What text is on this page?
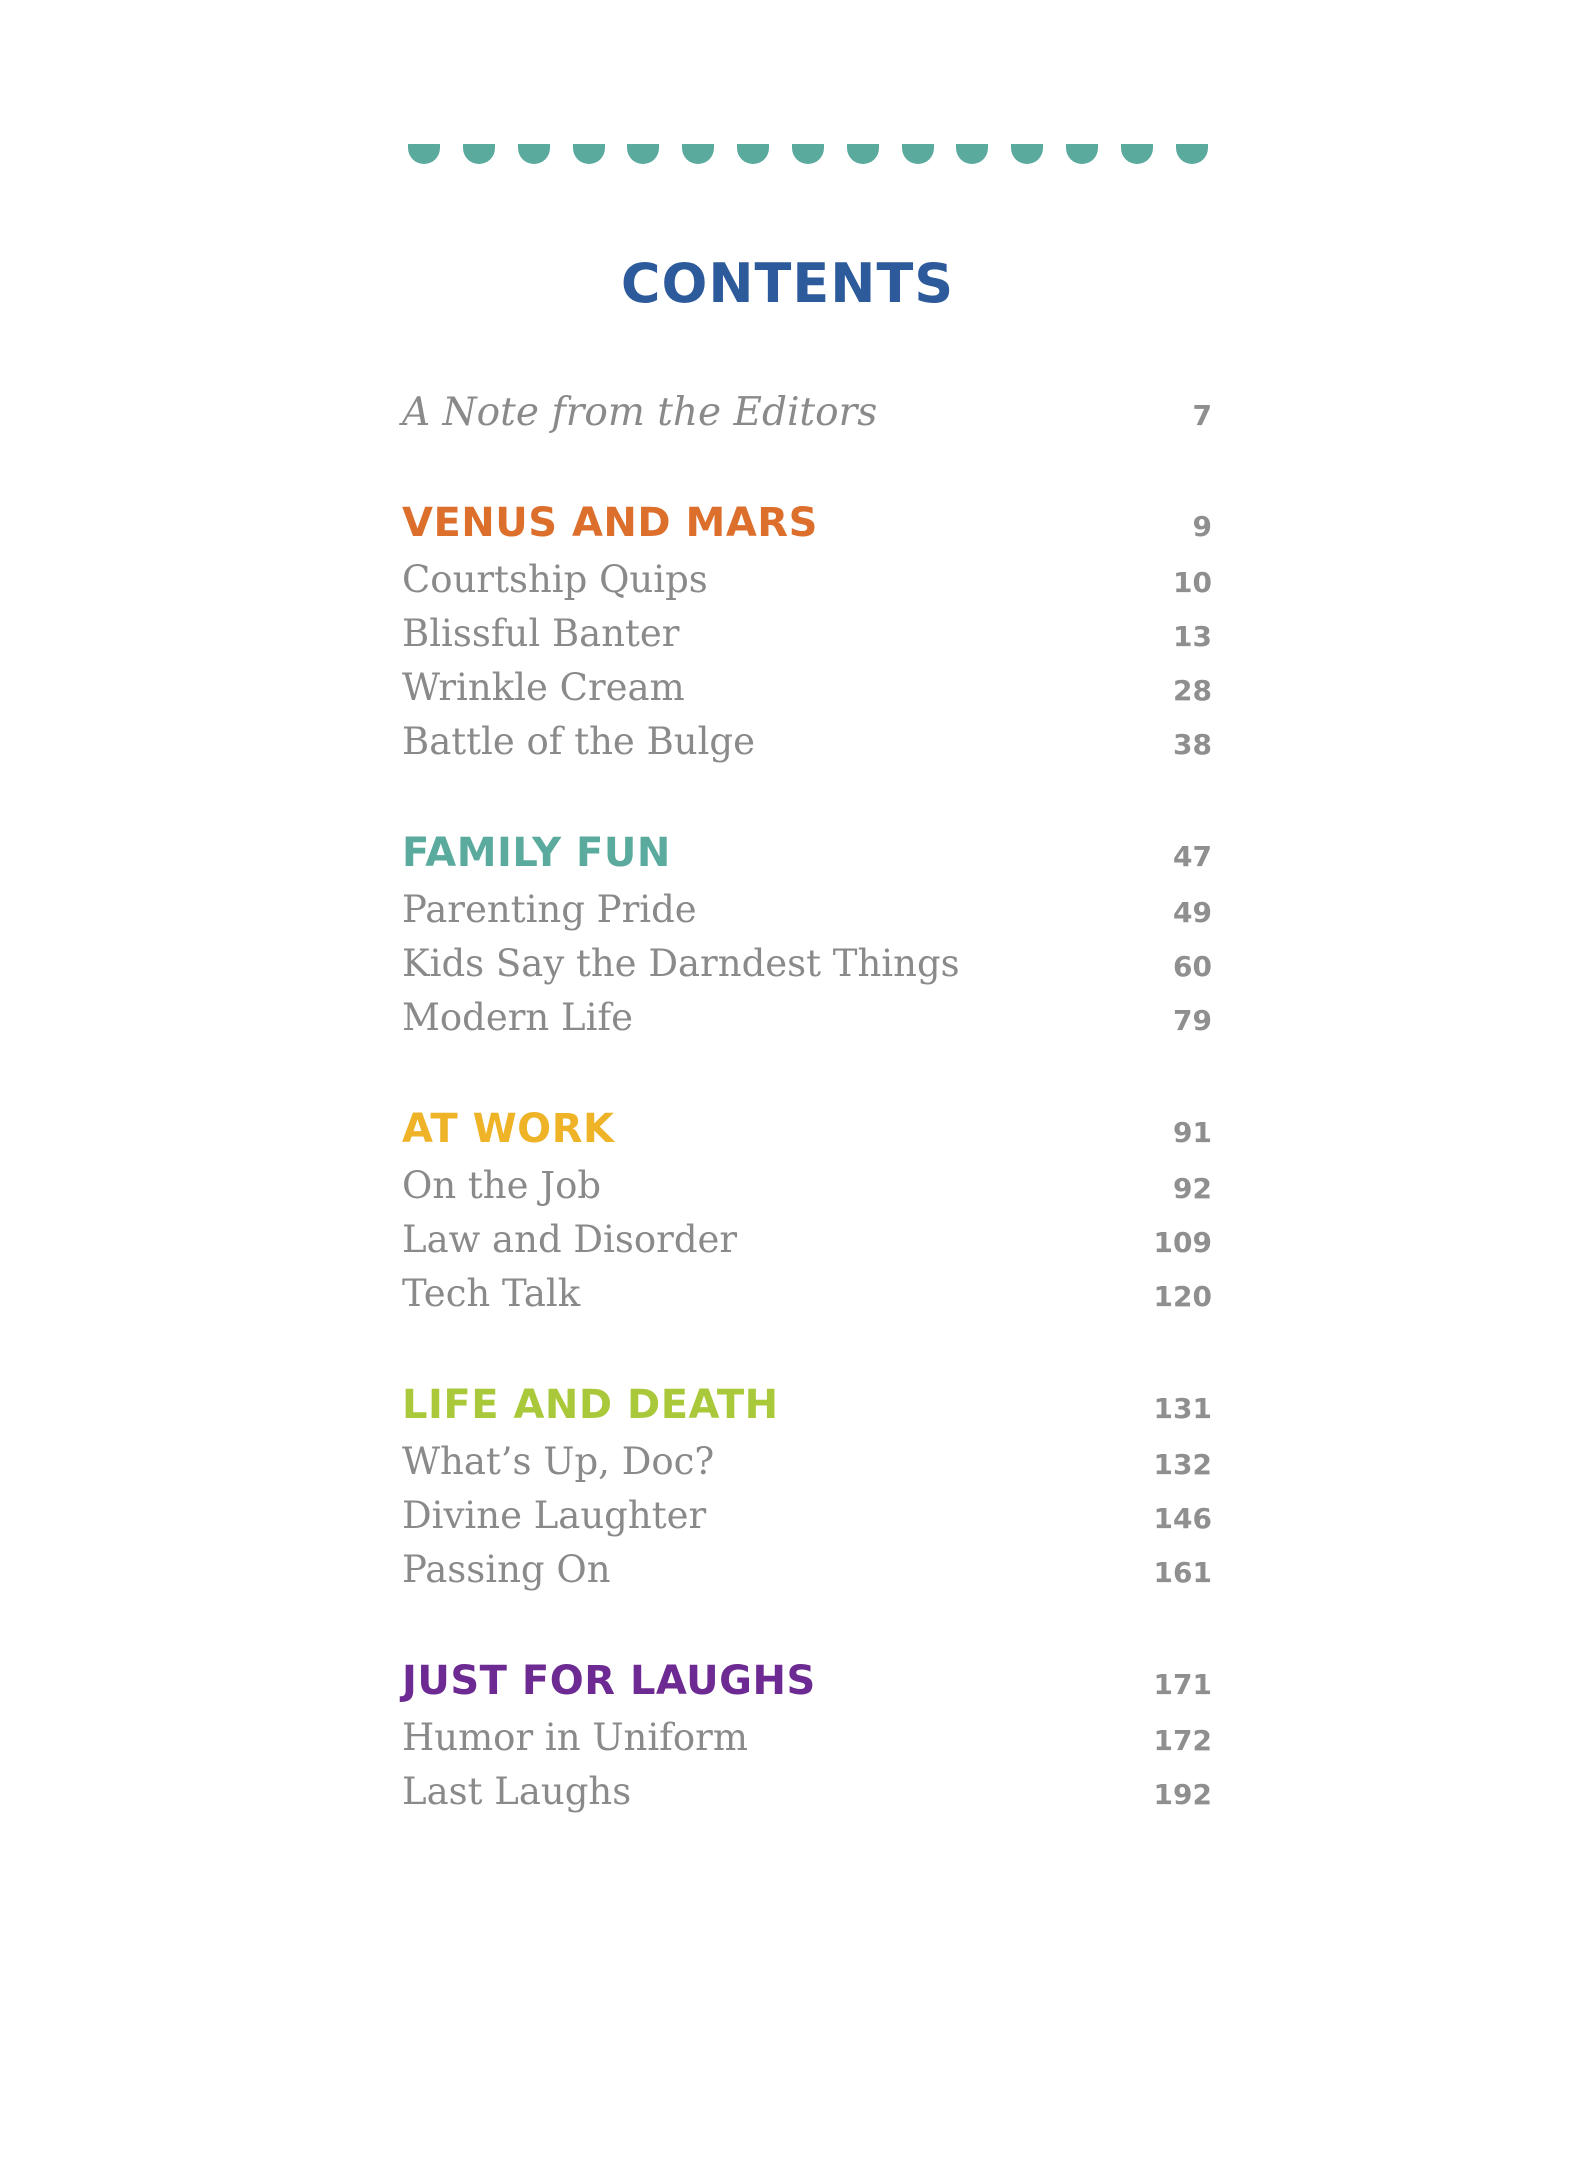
CONTENTS
A Note from the Editors	7
VENUS AND MARS	9
Courtship Quips	10
Blissful Banter	13
Wrinkle Cream	28
Battle of the Bulge	38
FAMILY FUN	47
Parenting Pride	49
Kids Say the Darndest Things	60
Modern Life	79
AT WORK	91
On the Job	92
Law and Disorder	109
Tech Talk	120
LIFE AND DEATH	131
What’s Up, Doc?	132
Divine Laughter	146
Passing On	161
JUST FOR LAUGHS	171
Humor in Uniform	172
Last Laughs	192
